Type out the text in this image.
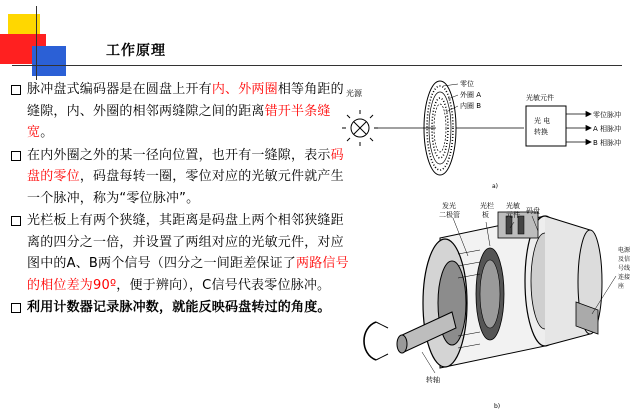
工作原理
脉冲盘式编码器是在圆盘上开有内、外两圈相等角距的缝隙，内、外圈的相邻两缝隙之间的距离错开半条缝宽。
在内外圈之外的某一径向位置，也开有一缝隙，表示码盘的零位，码盘每转一圈，零位对应的光敏元件就产生一个脉冲，称为“零位脉冲”。
光栏板上有两个狭缝，其距离是码盘上两个相邻狭缝距离的四分之一倍，并设置了两组对应的光敏元件，对应图中的A、B两个信号（四分之一间距差保证了两路信号的相位差为90º，便于辨向），C信号代表零位脉冲。
利用计数器记录脉冲数，就能反映码盘转过的角度。
光源
零位
外圈 A
内圈 B
光敏元件
光 电
转换
零位脉冲
A 相脉冲
B 相脉冲
a)
发光
二极管
光栏
板
光敏
元件 码盘
电源
及信
号线
连接
座
转轴
b)
